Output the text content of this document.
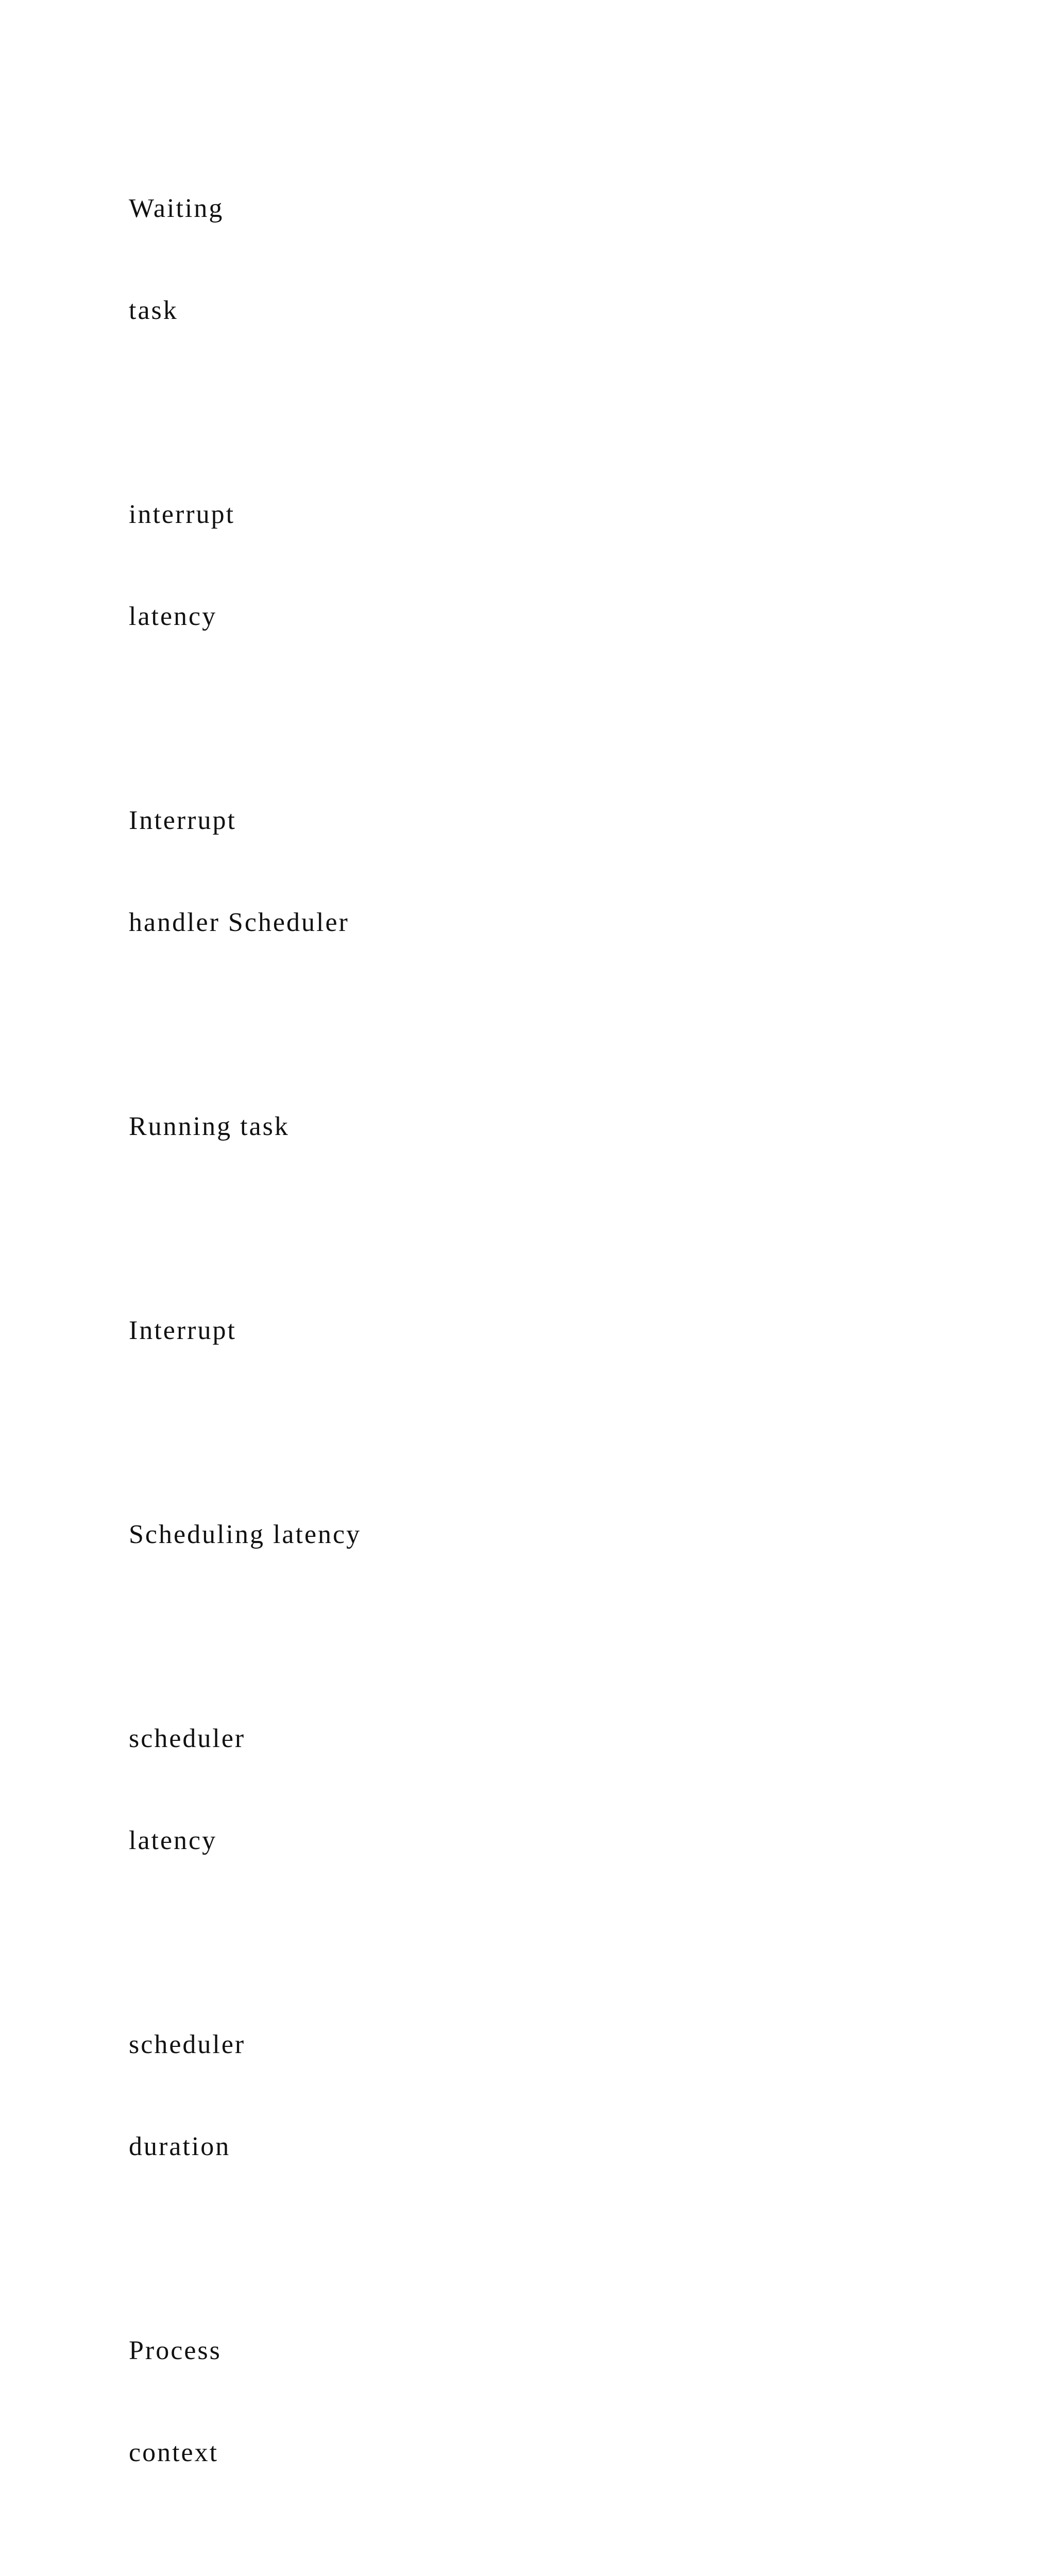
Waiting

task

interrupt

latency

Interrupt

handler Scheduler

Running task

Interrupt

Scheduling latency

scheduler

latency

scheduler

duration

Process

context
